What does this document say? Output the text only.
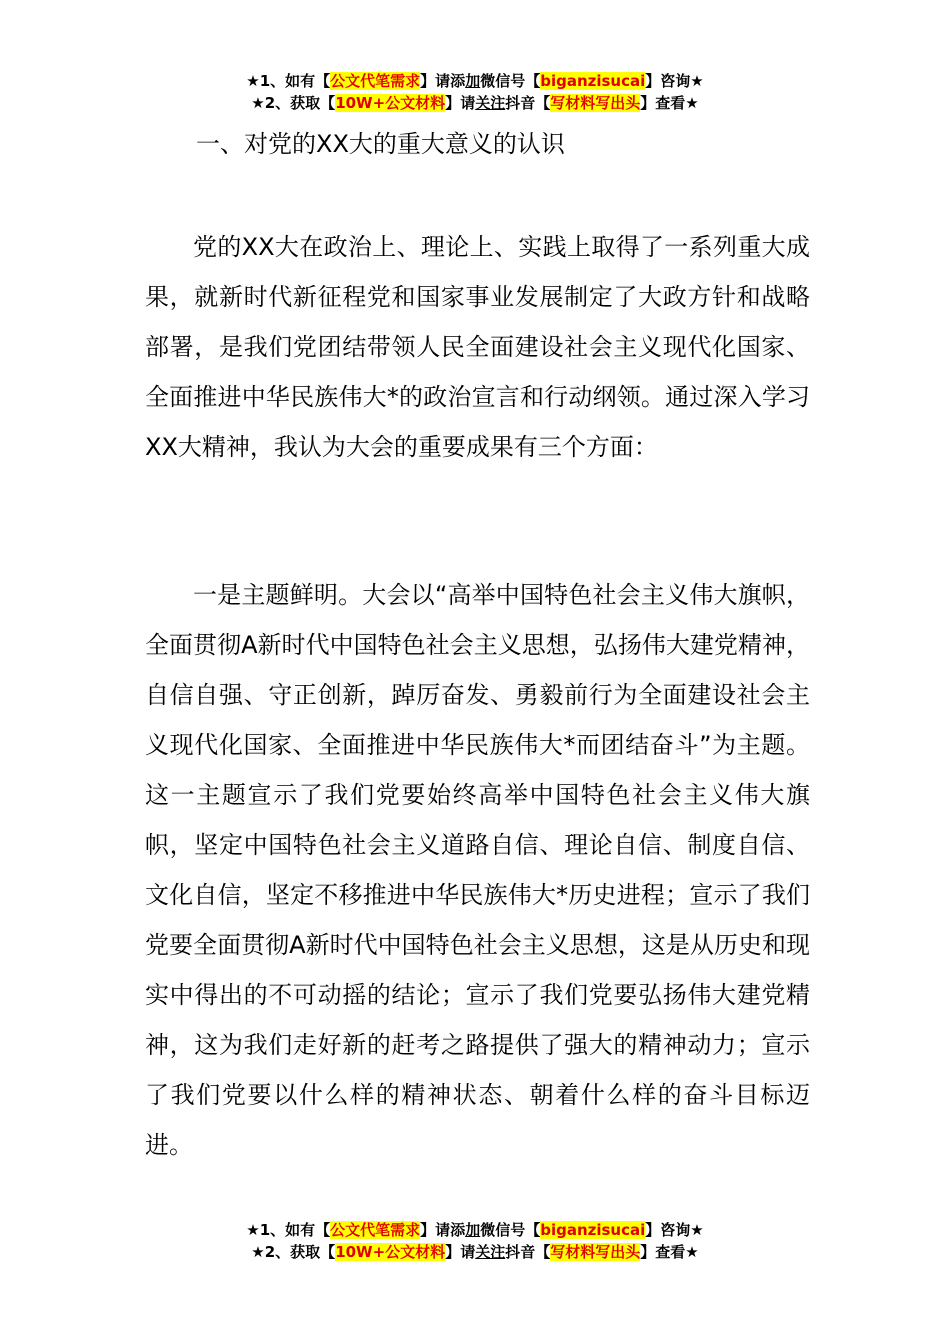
★1、如有【公文代笔需求】请添加微信号【biganzisucai】咨询★
★2、获取【10W+公文材料】请关注抖音【写材料写出头】查看★
一、对党的XX大的重大意义的认识

党的XX大在政治上、理论上、实践上取得了一系列重大成果，就新时代新征程党和国家事业发展制定了大政方针和战略部署，是我们党团结带领人民全面建设社会主义现代化国家、全面推进中华民族伟大*的政治宣言和行动纲领。通过深入学习XX大精神，我认为大会的重要成果有三个方面：

一是主题鲜明。大会以“高举中国特色社会主义伟大旗帜，全面贯彻A新时代中国特色社会主义思想，弘扬伟大建党精神，自信自强、守正创新，踔厉奋发、勇毅前行为全面建设社会主义现代化国家、全面推进中华民族伟大*而团结奋斗”为主题。这一主题宣示了我们党要始终高举中国特色社会主义伟大旗帜，坚定中国特色社会主义道路自信、理论自信、制度自信、文化自信，坚定不移推进中华民族伟大*历史进程；宣示了我们党要全面贯彻A新时代中国特色社会主义思想，这是从历史和现实中得出的不可动摇的结论；宣示了我们党要弘扬伟大建党精神，这为我们走好新的赶考之路提供了强大的精神动力；宣示了我们党要以什么样的精神状态、朝着什么样的奋斗目标迈进。

★1、如有【公文代笔需求】请添加微信号【biganzisucai】咨询★
★2、获取【10W+公文材料】请关注抖音【写材料写出头】查看★
